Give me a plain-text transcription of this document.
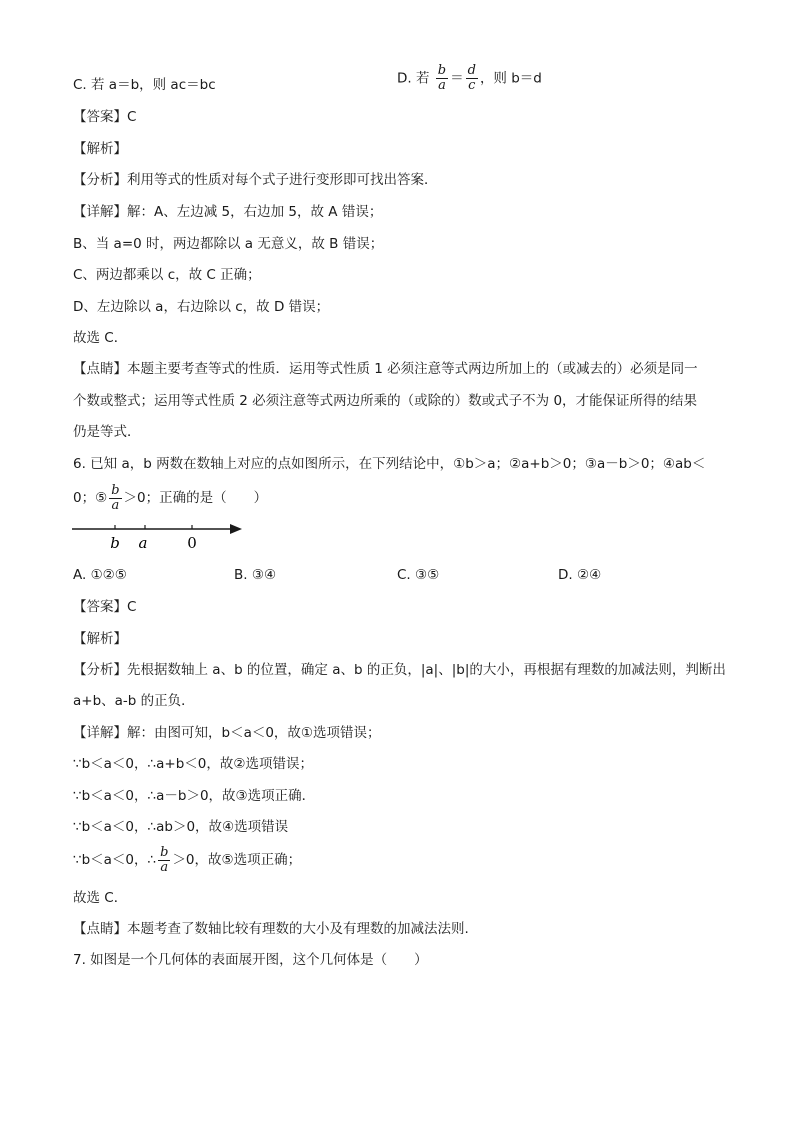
C. 若 a＝b，则 ac＝bc	D. 若 $\frac{b}{a} = \frac{d}{c}$ ，则 b＝d
【答案】C
【解析】
【分析】利用等式的性质对每个式子进行变形即可找出答案．
【详解】解：A、左边减 5，右边加 5，故 A 错误；
B、当 a=0 时，两边都除以 a 无意义，故 B 错误；
C、两边都乘以 c，故 C 正确；
D、左边除以 a，右边除以 c，故 D 错误；
故选 C．
【点睛】本题主要考查等式的性质．运用等式性质 1 必须注意等式两边所加上的（或减去的）必须是同一
个数或整式；运用等式性质 2 必须注意等式两边所乘的（或除的）数或式子不为 0，才能保证所得的结果
仍是等式．
6. 已知 a，b 两数在数轴上对应的点如图所示，在下列结论中，①b＞a；②a+b＞0；③a－b＞0；④ab＜
0；⑤ $\frac{b}{a} >0$；正确的是（　　）
b a	0
A. ①②⑤	B. ③④	C. ③⑤	D. ②④
【答案】C
【解析】
【分析】先根据数轴上 a、b 的位置，确定 a、b 的正负，|a|、|b|的大小，再根据有理数的加减法则，判断出
a+b、a-b 的正负．
【详解】解：由图可知，b＜a＜0，故①选项错误；
∵b＜a＜0，∴a+b＜0，故②选项错误；
∵b＜a＜0，∴a－b＞0，故③选项正确．
∵b＜a＜0，∴ab＞0，故④选项错误
∵b＜a＜0，∴ $\frac{b}{a} >0$，故⑤选项正确；
故选 C．
【点睛】本题考查了数轴比较有理数的大小及有理数的加减法法则.
7. 如图是一个几何体的表面展开图，这个几何体是（　　）
